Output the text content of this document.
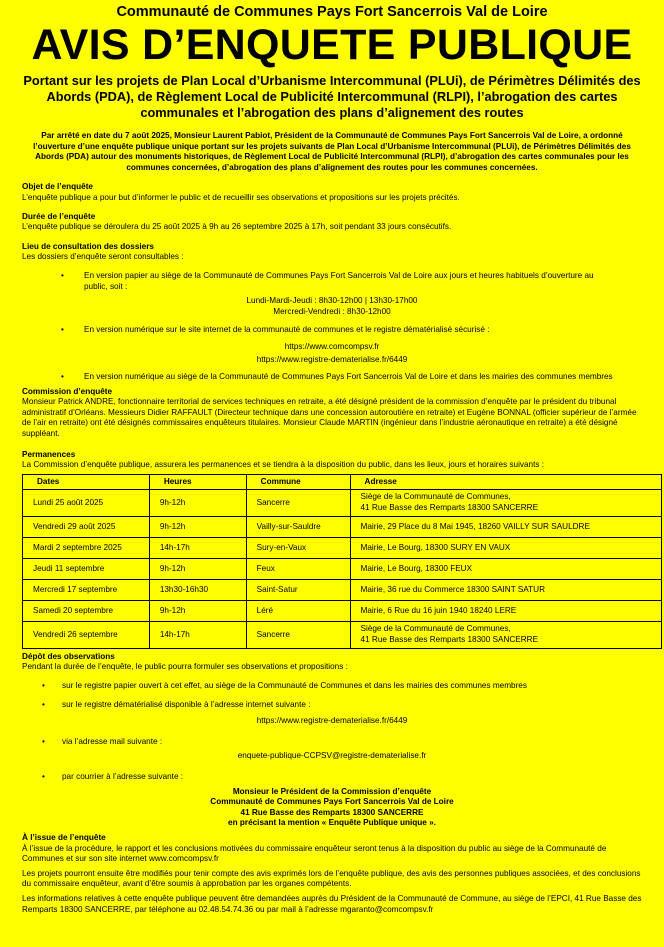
Communauté de Communes Pays Fort Sancerrois Val de Loire
AVIS D’ENQUETE PUBLIQUE
Portant sur les projets de Plan Local d’Urbanisme Intercommunal (PLUi), de Périmètres Délimités des Abords (PDA), de Règlement Local de Publicité Intercommunal (RLPI), l’abrogation des cartes communales et l’abrogation des plans d’alignement des routes
Par arrêté en date du 7 août 2025, Monsieur Laurent Pabiot, Président de la Communauté de Communes Pays Fort Sancerrois Val de Loire, a ordonné l’ouverture d’une enquête publique unique portant sur les projets suivants de Plan Local d’Urbanisme Intercommunal (PLUi), de Périmètres Délimités des Abords (PDA) autour des monuments historiques, de Règlement Local de Publicité Intercommunal (RLPI), d’abrogation des cartes communales pour les communes concernées, d’abrogation des plans d’alignement des routes pour les communes concernées.
Objet de l’enquête
L’enquête publique a pour but d’informer le public et de recueillir ses observations et propositions sur les projets précités.
Durée de l’enquête
L’enquête publique se déroulera du 25 août 2025 à 9h au 26 septembre 2025 à 17h, soit pendant 33 jours consécutifs.
Lieu de consultation des dossiers
Les dossiers d’enquête seront consultables :
• En version papier au siège de la Communauté de Communes Pays Fort Sancerrois Val de Loire aux jours et heures habituels d’ouverture au public, soit :
Lundi-Mardi-Jeudi : 8h30-12h00 | 13h30-17h00
Mercredi-Vendredi : 8h30-12h00
• En version numérique sur le site internet de la communauté de communes et le registre dématérialisé sécurisé :
https://www.comcompsv.fr
https://www.registre-dematerialise.fr/6449
• En version numérique au siège de la Communauté de Communes Pays Fort Sancerrois Val de Loire et dans les mairies des communes membres
Commission d’enquête
Monsieur Patrick ANDRE, fonctionnaire territorial de services techniques en retraite, a été désigné président de la commission d’enquête par le président du tribunal administratif d’Orléans. Messieurs Didier RAFFAULT (Directeur technique dans une concession autoroutière en retraite) et Eugène BONNAL (officier supérieur de l’armée de l’air en retraite) ont été désignés commissaires enquêteurs titulaires. Monsieur Claude MARTIN (ingénieur dans l’industrie aéronautique en retraite) a été désigné suppléant.
Permanences
La Commission d’enquête publique, assurera les permanences et se tiendra à la disposition du public, dans les lieux, jours et horaires suivants :
Dates	Heures	Commune	Adresse
Lundi 25 août 2025	9h-12h	Sancerre	Siège de la Communauté de Communes,
41 Rue Basse des Remparts 18300 SANCERRE

Vendredi 29 août 2025	9h-12h	Vailly-sur-Sauldre	Mairie, 29 Place du 8 Mai 1945, 18260 VAILLY SUR SAULDRE
Mardi 2 septembre 2025	14h-17h	Sury-en-Vaux	Mairie, Le Bourg, 18300 SURY EN VAUX
Jeudi 11 septembre	9h-12h	Feux	Mairie, Le Bourg, 18300 FEUX
Mercredi 17 septembre	13h30-16h30	Saint-Satur	Mairie, 36 rue du Commerce 18300 SAINT SATUR
Samedi 20 septembre	9h-12h	Léré	Mairie, 6 Rue du 16 juin 1940 18240 LERE
Vendredi 26 septembre	14h-17h	Sancerre	Siège de la Communauté de Communes,
41 Rue Basse des Remparts 18300 SANCERRE
Dépôt des observations
Pendant la durée de l’enquête, le public pourra formuler ses observations et propositions :
• sur le registre papier ouvert à cet effet, au siège de la Communauté de Communes et dans les mairies des communes membres
• sur le registre dématérialisé disponible à l’adresse internet suivante :
https://www.registre-dematerialise.fr/6449
• via l’adresse mail suivante :
enquete-publique-CCPSV@registre-dematerialise.fr
• par courrier à l’adresse suivante :
Monsieur le Président de la Commission d’enquête
Communauté de Communes Pays Fort Sancerrois Val de Loire
41 Rue Basse des Remparts 18300 SANCERRE
en précisant la mention « Enquête Publique unique ».
À l’issue de l’enquête
À l’issue de la procédure, le rapport et les conclusions motivées du commissaire enquêteur seront tenus à la disposition du public au siège de la Communauté de Communes et sur son site internet www.comcompsv.fr
Les projets pourront ensuite être modifiés pour tenir compte des avis exprimés lors de l’enquête publique, des avis des personnes publiques associées, et des conclusions du commissaire enquêteur, avant d’être soumis à approbation par les organes compétents.
Les informations relatives à cette enquête publique peuvent être demandées auprès du Président de la Communauté de Commune, au siège de l’EPCI, 41 Rue Basse des Remparts 18300 SANCERRE, par téléphone au 02.48.54.74.36 ou par mail à l’adresse mgaranto@comcompsv.fr
